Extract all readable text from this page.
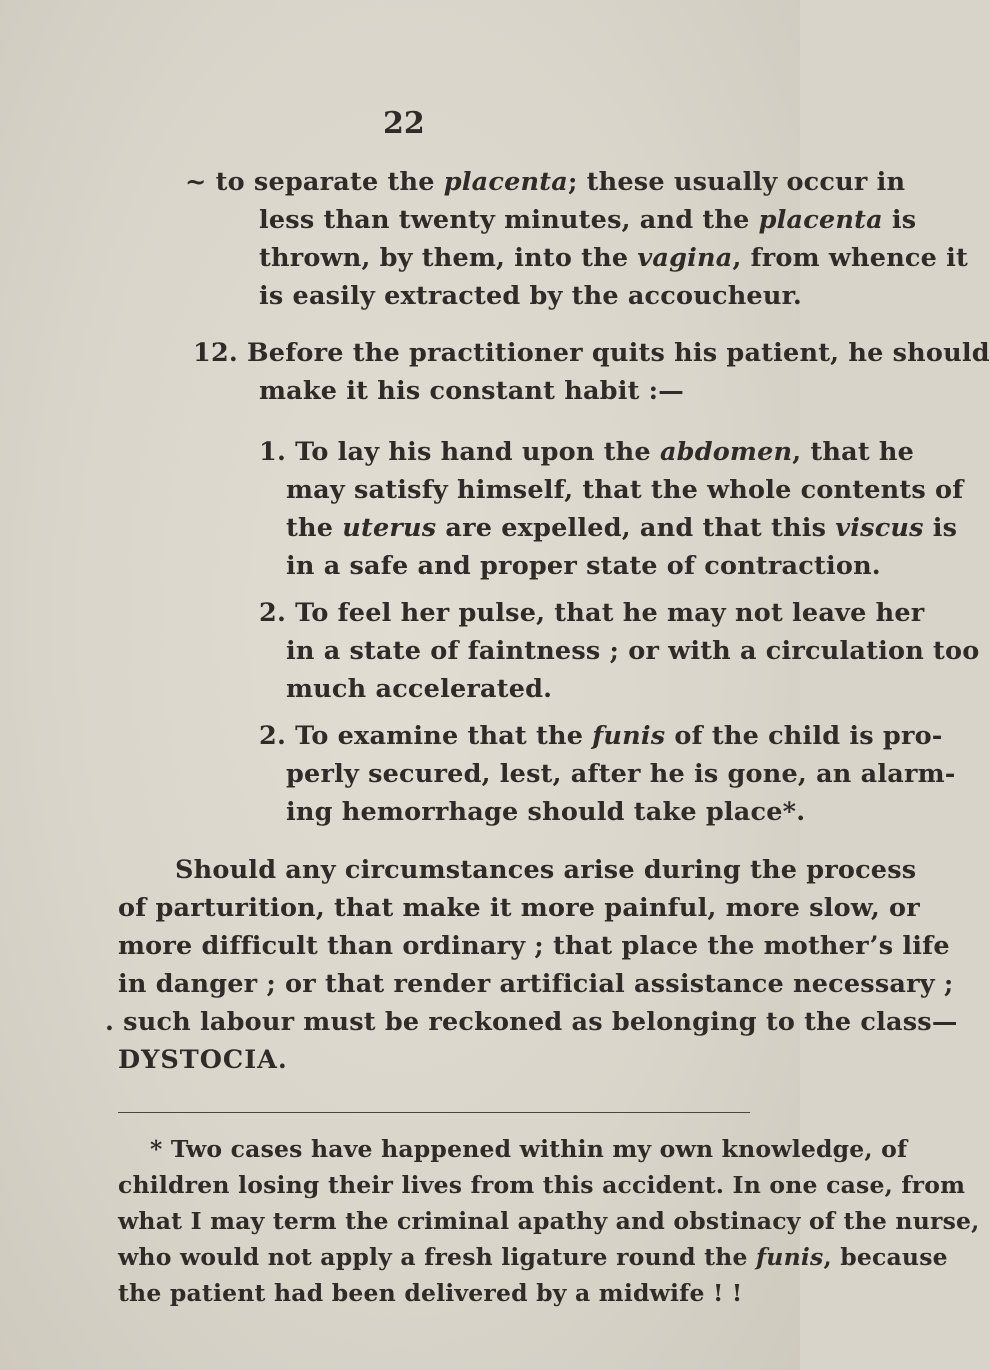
22
~ to separate the placenta; these usually occur in
less than twenty minutes, and the placenta is
thrown, by them, into the vagina, from whence it
is easily extracted by the accoucheur.
12. Before the practitioner quits his patient, he should
make it his constant habit :—
1. To lay his hand upon the abdomen, that he
may satisfy himself, that the whole contents of
the uterus are expelled, and that this viscus is
in a safe and proper state of contraction.
2. To feel her pulse, that he may not leave her
in a state of faintness ; or with a circulation too
much accelerated.
2. To examine that the funis of the child is pro-
perly secured, lest, after he is gone, an alarm-
ing hemorrhage should take place*.
Should any circumstances arise during the process
of parturition, that make it more painful, more slow, or
more difficult than ordinary ; that place the mother’s life
in danger ; or that render artificial assistance necessary ;
. such labour must be reckoned as belonging to the class—
DYSTOCIA.
* Two cases have happened within my own knowledge, of
children losing their lives from this accident. In one case, from
what I may term the criminal apathy and obstinacy of the nurse,
who would not apply a fresh ligature round the funis, because
the patient had been delivered by a midwife ! !
